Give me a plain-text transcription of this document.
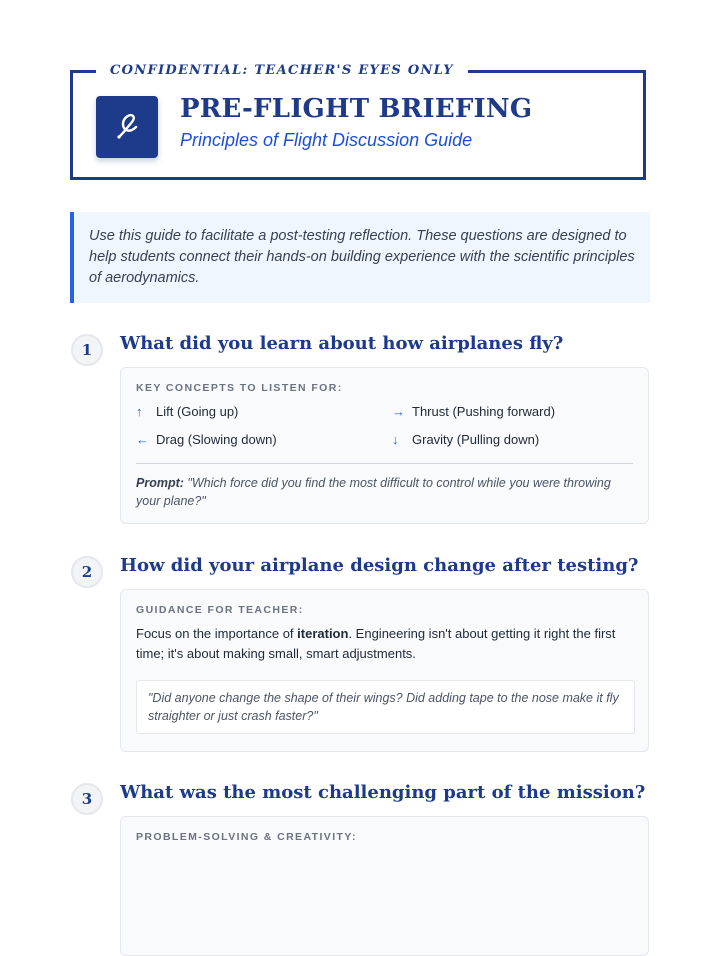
CONFIDENTIAL: TEACHER'S EYES ONLY
PRE-FLIGHT BRIEFING
Principles of Flight Discussion Guide
Use this guide to facilitate a post-testing reflection. These questions are designed to help students connect their hands-on building experience with the scientific principles of aerodynamics.
1	What did you learn about how airplanes fly?
KEY CONCEPTS TO LISTEN FOR:
↑	Lift (Going up)	→ Thrust (Pushing forward)
← Drag (Slowing down)	↓	Gravity (Pulling down)
Prompt: "Which force did you find the most difficult to control while you were throwing your plane?"
2	How did your airplane design change after testing?
GUIDANCE FOR TEACHER:
Focus on the importance of iteration. Engineering isn't about getting it right the first time; it's about making small, smart adjustments.
"Did anyone change the shape of their wings? Did adding tape to the nose make it fly straighter or just crash faster?"
3	What was the most challenging part of the mission?
PROBLEM-SOLVING & CREATIVITY:
